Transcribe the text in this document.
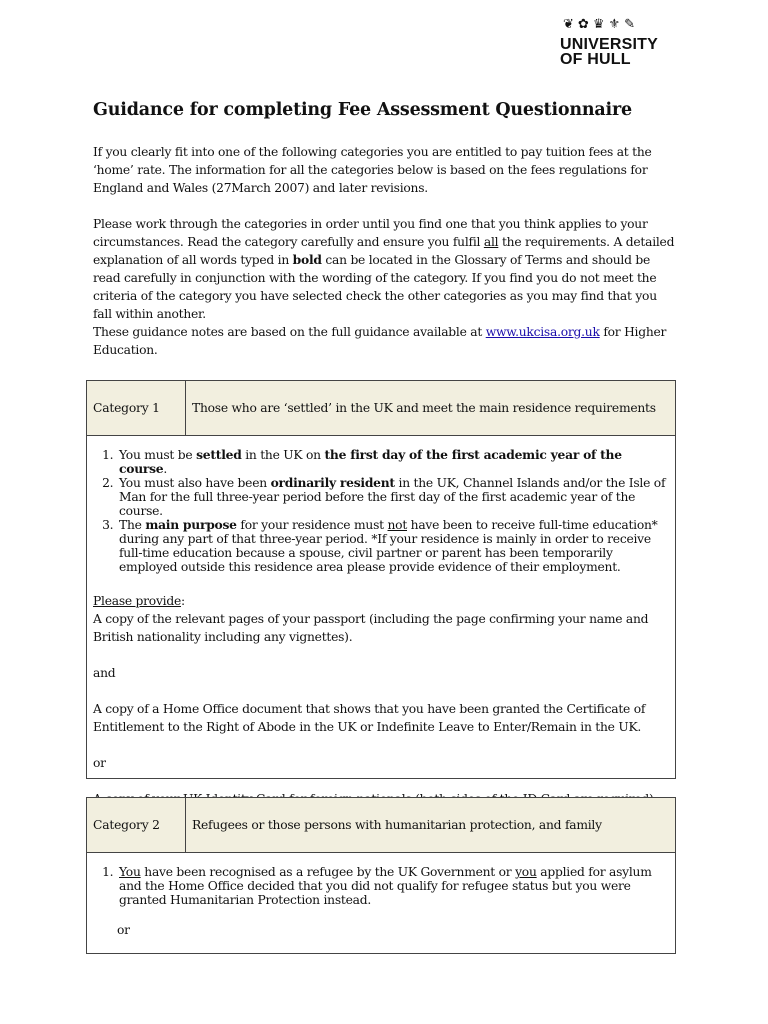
❦ ✿ ♛ ⚜ ✎
UNIVERSITY
OF HULL
Guidance for completing Fee Assessment Questionnaire

If you clearly fit into one of the following categories you are entitled to pay tuition fees at the ‘home’ rate. The information for all the categories below is based on the fees regulations for England and Wales (27March 2007) and later revisions.

Please work through the categories in order until you find one that you think applies to your circumstances. Read the category carefully and ensure you fulfil all the requirements. A detailed explanation of all words typed in bold can be located in the Glossary of Terms and should be read carefully in conjunction with the wording of the category. If you find you do not meet the criteria of the category you have selected check the other categories as you may find that you fall within another.

These guidance notes are based on the full guidance available at www.ukcisa.org.uk for Higher Education.

Category 1	Those who are ‘settled’ in the UK and meet the main residence requirements
1. You must be settled in the UK on the first day of the first academic year of the course.
2. You must also have been ordinarily resident in the UK, Channel Islands and/or the Isle of Man for the full three-year period before the first day of the first academic year of the course.
3. The main purpose for your residence must not have been to receive full-time education* during any part of that three-year period. *If your residence is mainly in order to receive full-time education because a spouse, civil partner or parent has been temporarily employed outside this residence area please provide evidence of their employment.

Please provide:

A copy of the relevant pages of your passport (including the page confirming your name and British nationality including any vignettes).

and

A copy of a Home Office document that shows that you have been granted the Certificate of Entitlement to the Right of Abode in the UK or Indefinite Leave to Enter/Remain in the UK.

or

Category 2	Refugees or those persons with humanitarian protection, and family
1. You have been recognised as a refugee by the UK Government or you applied for asylum and the Home Office decided that you did not qualify for refugee status but you were granted Humanitarian Protection instead.

or
